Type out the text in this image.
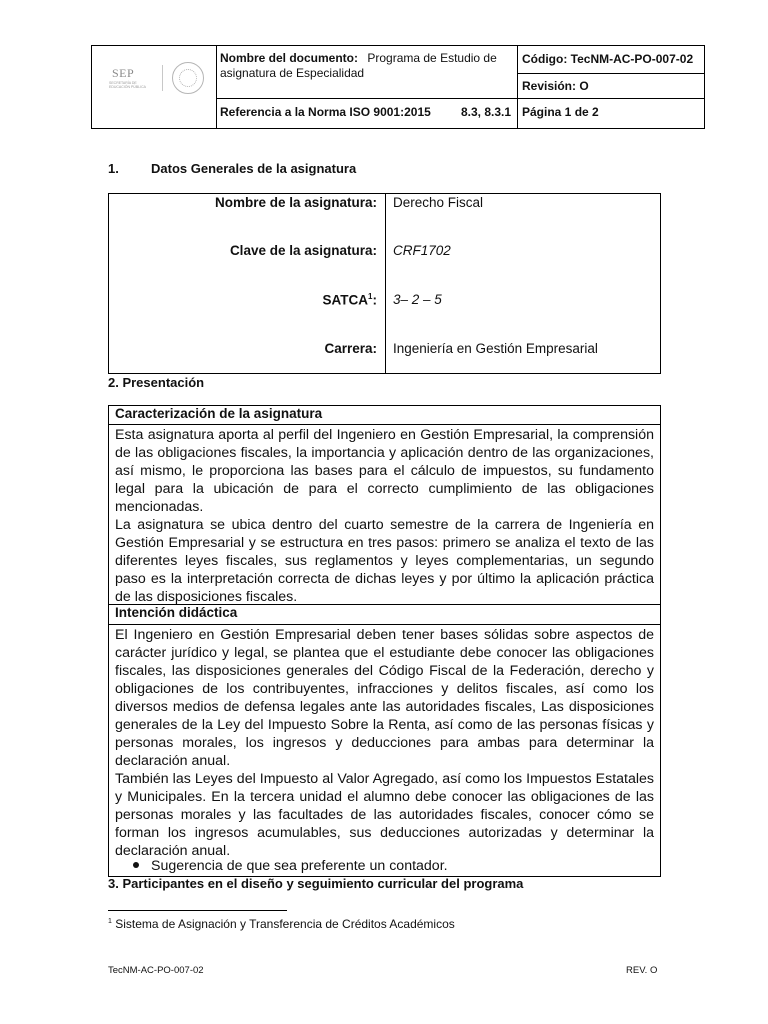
SEP
SECRETARÍA DE EDUCACIÓN PÚBLICA
Nombre del documento: Programa de Estudio de
asignatura de Especialidad
Código: TecNM-AC-PO-007-02
Revisión: O
Referencia a la Norma ISO 9001:2015	8.3, 8.3.1 Página 1 de 2
1. Datos Generales de la asignatura
Nombre de la asignatura: Derecho Fiscal
Clave de la asignatura: CRF1702
SATCA$^1$: 3– 2 – 5
Carrera: Ingeniería en Gestión Empresarial
2. Presentación
Caracterización de la asignatura

Esta asignatura aporta al perfil del Ingeniero en Gestión Empresarial, la comprensión de las obligaciones fiscales, la importancia y aplicación dentro de las organizaciones, así mismo, le proporciona las bases para el cálculo de impuestos, su fundamento legal para la ubicación de para el correcto cumplimiento de las obligaciones mencionadas.

La asignatura se ubica dentro del cuarto semestre de la carrera de Ingeniería en Gestión Empresarial y se estructura en tres pasos: primero se analiza el texto de las diferentes leyes fiscales, sus reglamentos y leyes complementarias, un segundo paso es la interpretación correcta de dichas leyes y por último la aplicación práctica de las disposiciones fiscales.

Intención didáctica

El Ingeniero en Gestión Empresarial deben tener bases sólidas sobre aspectos de carácter jurídico y legal, se plantea que el estudiante debe conocer las obligaciones fiscales, las disposiciones generales del Código Fiscal de la Federación, derecho y obligaciones de los contribuyentes, infracciones y delitos fiscales, así como los diversos medios de defensa legales ante las autoridades fiscales, Las disposiciones generales de la Ley del Impuesto Sobre la Renta, así como de las personas físicas y personas morales, los ingresos y deducciones para ambas para determinar la declaración anual.

También las Leyes del Impuesto al Valor Agregado, así como los Impuestos Estatales y Municipales. En la tercera unidad el alumno debe conocer las obligaciones de las personas morales y las facultades de las autoridades fiscales, conocer cómo se forman los ingresos acumulables, sus deducciones autorizadas y determinar la declaración anual.

Sugerencia de que sea preferente un contador.
3. Participantes en el diseño y seguimiento curricular del programa
$^1$ Sistema de Asignación y Transferencia de Créditos Académicos
TecNM-AC-PO-007-02	REV. O
